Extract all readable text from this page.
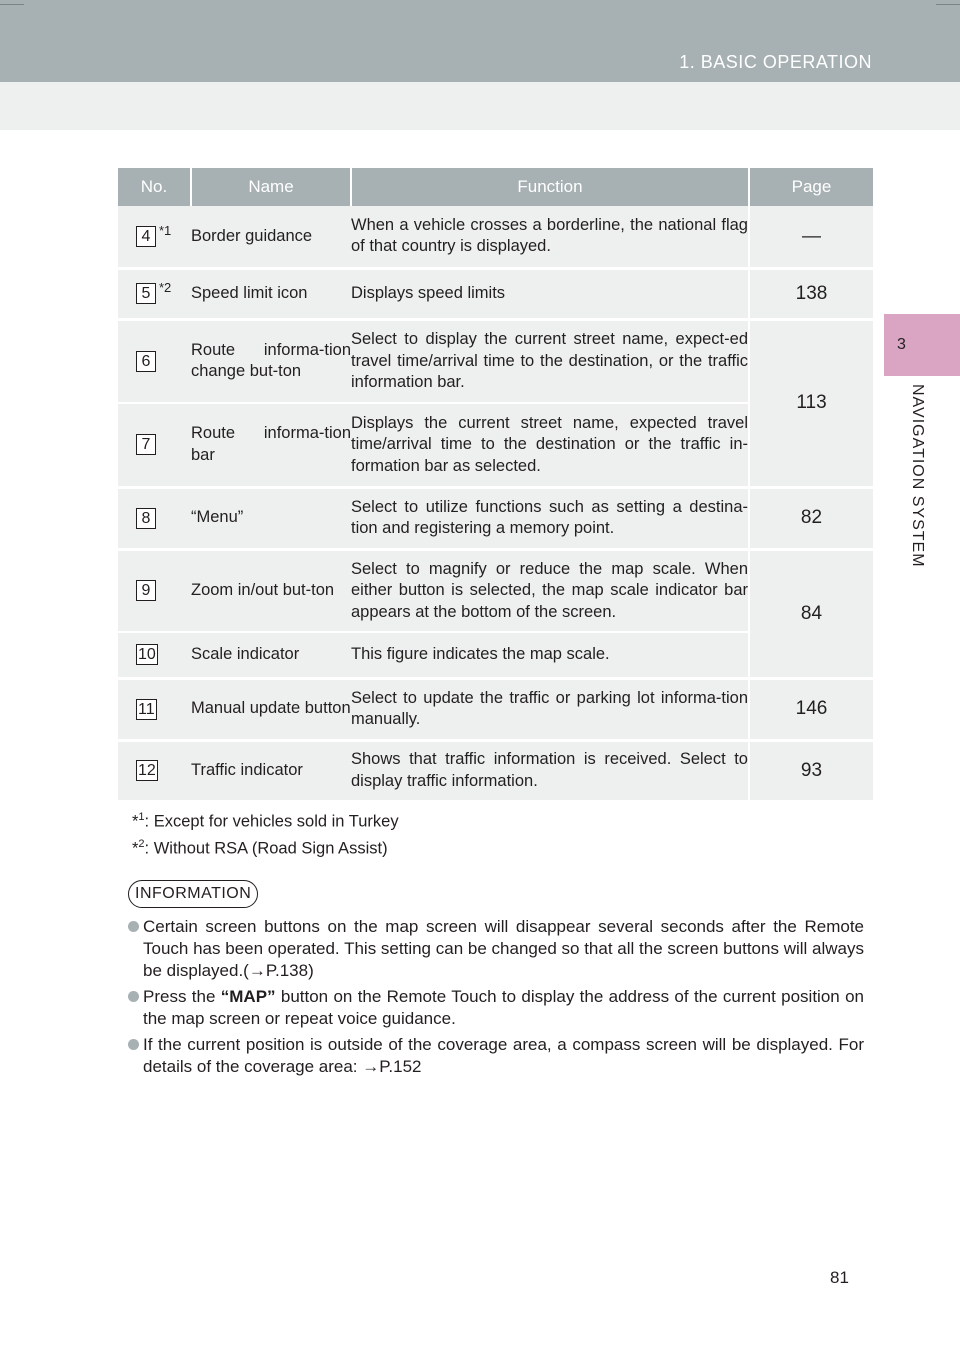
1. BASIC OPERATION
3
NAVIGATION SYSTEM
No.	Name	Function	Page

4 *1	Border guidance	When a vehicle crosses a borderline, the national flag of that country is displayed.	—

5 *2	Speed limit icon	Displays speed limits	138

6	Route informa-tion change but-ton	Select to display the current street name, expect-ed travel time/arrival time to the destination, or the traffic information bar.	113

7	Route informa-tion bar	Displays the current street name, expected travel time/arrival time to the destination or the traffic in-formation bar as selected.	

8	“Menu”	Select to utilize functions such as setting a destina-tion and registering a memory point.	82

9	Zoom in/out but-ton	Select to magnify or reduce the map scale. When either button is selected, the map scale indicator bar appears at the bottom of the screen.	84

10	Scale indicator	This figure indicates the map scale.	

11	Manual update button	Select to update the traffic or parking lot informa-tion manually.	146

12	Traffic indicator	Shows that traffic information is received. Select to display traffic information.	93
*$^1$: Except for vehicles sold in Turkey
*$^2$: Without RSA (Road Sign Assist)
INFORMATION
Certain screen buttons on the map screen will disappear several seconds after the Remote Touch has been operated. This setting can be changed so that all the screen buttons will always be displayed.(→P.138)
Press the “MAP” button on the Remote Touch to display the address of the current position on the map screen or repeat voice guidance.
If the current position is outside of the coverage area, a compass screen will be displayed. For details of the coverage area: →P.152
81
